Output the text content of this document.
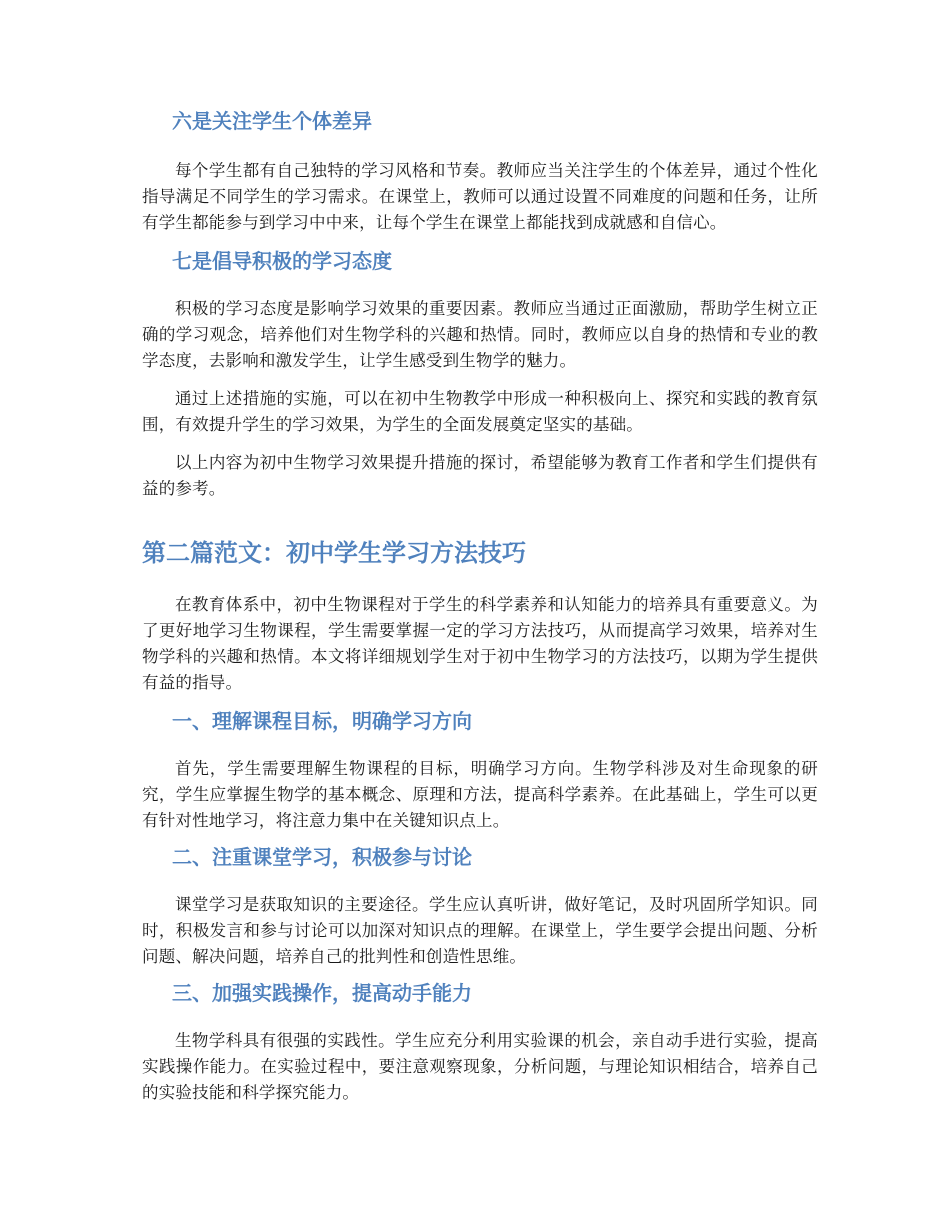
六是关注学生个体差异

每个学生都有自己独特的学习风格和节奏。教师应当关注学生的个体差异，通过个性化指导满足不同学生的学习需求。在课堂上，教师可以通过设置不同难度的问题和任务，让所有学生都能参与到学习中中来，让每个学生在课堂上都能找到成就感和自信心。

七是倡导积极的学习态度

积极的学习态度是影响学习效果的重要因素。教师应当通过正面激励，帮助学生树立正确的学习观念，培养他们对生物学科的兴趣和热情。同时，教师应以自身的热情和专业的教学态度，去影响和激发学生，让学生感受到生物学的魅力。

通过上述措施的实施，可以在初中生物教学中形成一种积极向上、探究和实践的教育氛围，有效提升学生的学习效果，为学生的全面发展奠定坚实的基础。

以上内容为初中生物学习效果提升措施的探讨，希望能够为教育工作者和学生们提供有益的参考。

第二篇范文：初中学生学习方法技巧

在教育体系中，初中生物课程对于学生的科学素养和认知能力的培养具有重要意义。为了更好地学习生物课程，学生需要掌握一定的学习方法技巧，从而提高学习效果，培养对生物学科的兴趣和热情。本文将详细规划学生对于初中生物学习的方法技巧，以期为学生提供有益的指导。

一、理解课程目标，明确学习方向

首先，学生需要理解生物课程的目标，明确学习方向。生物学科涉及对生命现象的研究，学生应掌握生物学的基本概念、原理和方法，提高科学素养。在此基础上，学生可以更有针对性地学习，将注意力集中在关键知识点上。

二、注重课堂学习，积极参与讨论

课堂学习是获取知识的主要途径。学生应认真听讲，做好笔记，及时巩固所学知识。同时，积极发言和参与讨论可以加深对知识点的理解。在课堂上，学生要学会提出问题、分析问题、解决问题，培养自己的批判性和创造性思维。

三、加强实践操作，提高动手能力

生物学科具有很强的实践性。学生应充分利用实验课的机会，亲自动手进行实验，提高实践操作能力。在实验过程中，要注意观察现象，分析问题，与理论知识相结合，培养自己的实验技能和科学探究能力。
